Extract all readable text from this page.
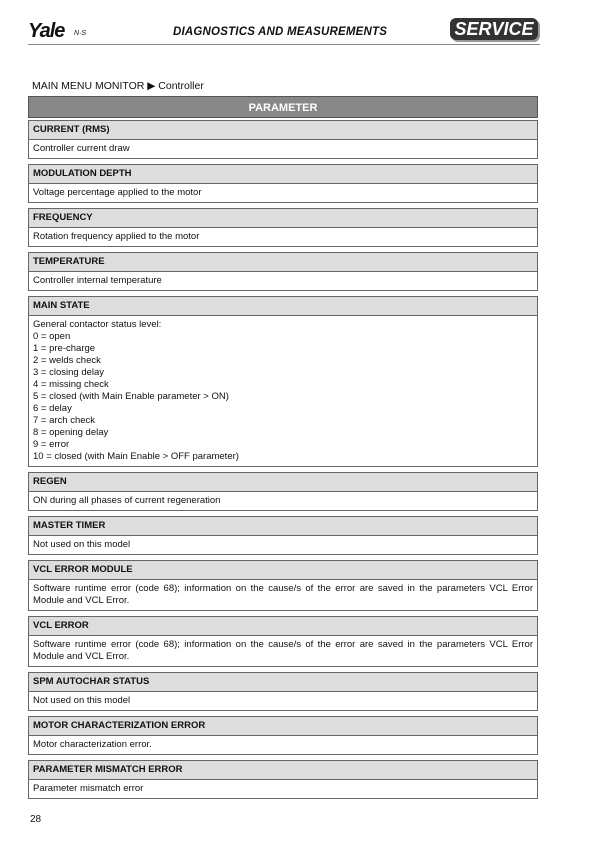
Yale N·S	DIAGNOSTICS AND MEASUREMENTS	SERVICE
MAIN MENU MONITOR ▶ Controller
PARAMETER
CURRENT (RMS)
Controller current draw
MODULATION DEPTH
Voltage percentage applied to the motor
FREQUENCY
Rotation frequency applied to the motor
TEMPERATURE
Controller internal temperature
MAIN STATE
General contactor status level:
0 = open
1 = pre-charge
2 = welds check
3 = closing delay
4 = missing check
5 = closed (with Main Enable parameter > ON)
6 = delay
7 = arch check
8 = opening delay
9 = error
10 = closed (with Main Enable > OFF parameter)
REGEN
ON during all phases of current regeneration
MASTER TIMER
Not used on this model
VCL ERROR MODULE
Software runtime error (code 68); information on the cause/s of the error are saved in the parameters VCL Error Module and VCL Error.
VCL ERROR
Software runtime error (code 68); information on the cause/s of the error are saved in the parameters VCL Error Module and VCL Error.
SPM AUTOCHAR STATUS
Not used on this model
MOTOR CHARACTERIZATION ERROR
Motor characterization error.
PARAMETER MISMATCH ERROR
Parameter mismatch error
28
